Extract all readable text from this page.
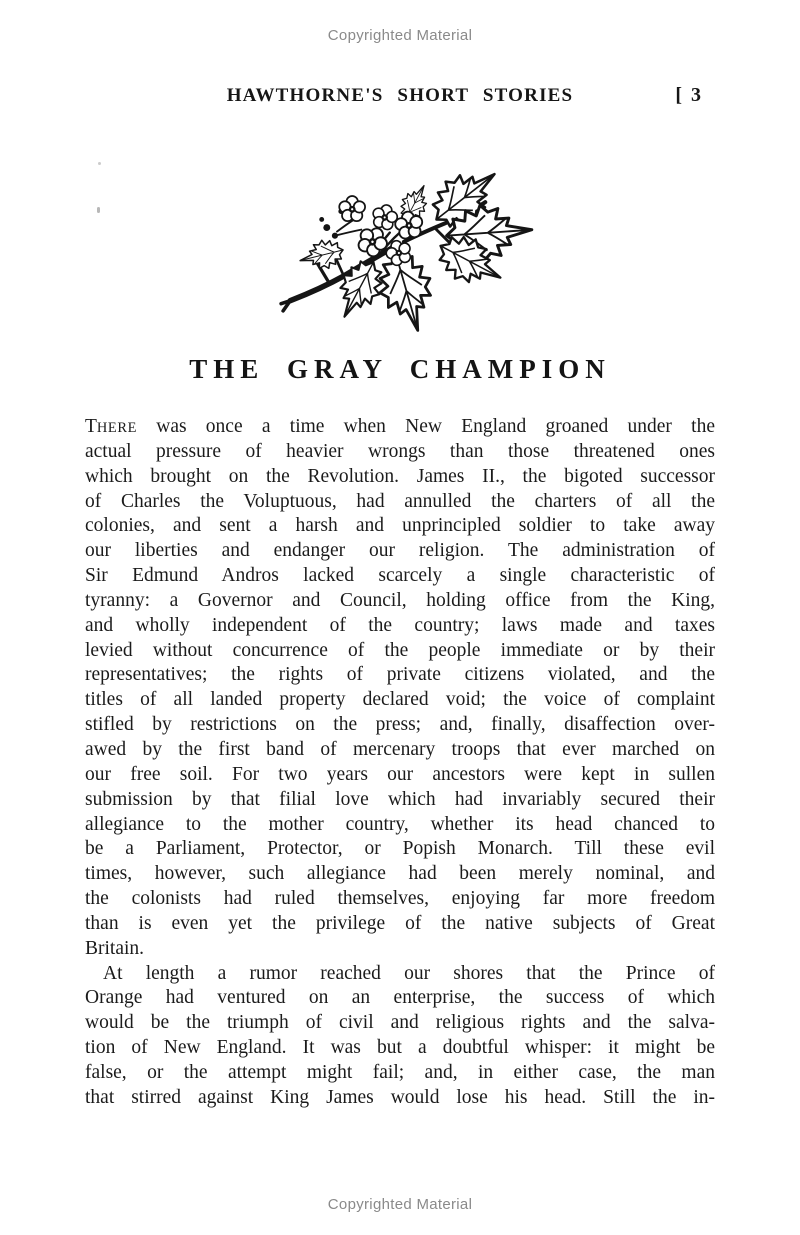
Copyrighted Material
HAWTHORNE'S SHORT STORIES	[ 3
THE GRAY CHAMPION
THERE was once a time when New England groaned under the
actual pressure of heavier wrongs than those threatened ones
which brought on the Revolution. James II., the bigoted successor
of Charles the Voluptuous, had annulled the charters of all the
colonies, and sent a harsh and unprincipled soldier to take away
our liberties and endanger our religion. The administration of
Sir Edmund Andros lacked scarcely a single characteristic of
tyranny: a Governor and Council, holding office from the King,
and wholly independent of the country; laws made and taxes
levied without concurrence of the people immediate or by their
representatives; the rights of private citizens violated, and the
titles of all landed property declared void; the voice of complaint
stifled by restrictions on the press; and, finally, disaffection over-
awed by the first band of mercenary troops that ever marched on
our free soil. For two years our ancestors were kept in sullen
submission by that filial love which had invariably secured their
allegiance to the mother country, whether its head chanced to
be a Parliament, Protector, or Popish Monarch. Till these evil
times, however, such allegiance had been merely nominal, and
the colonists had ruled themselves, enjoying far more freedom
than is even yet the privilege of the native subjects of Great
Britain.
At length a rumor reached our shores that the Prince of
Orange had ventured on an enterprise, the success of which
would be the triumph of civil and religious rights and the salva-
tion of New England. It was but a doubtful whisper: it might be
false, or the attempt might fail; and, in either case, the man
that stirred against King James would lose his head. Still the in-
Copyrighted Material
